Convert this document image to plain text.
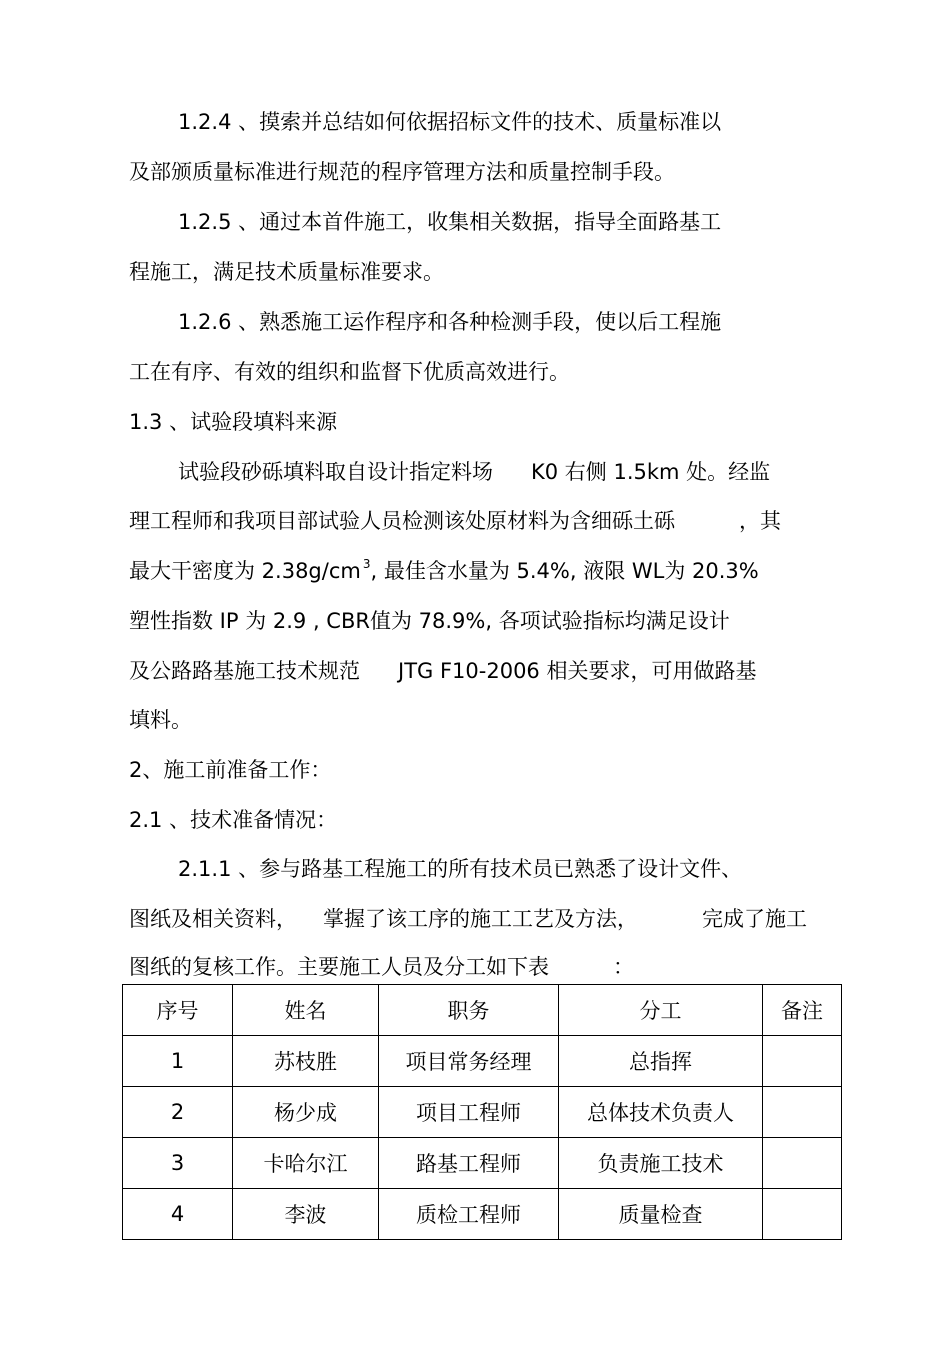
1.2.4 、摸索并总结如何依据招标文件的技术、质量标准以
及部颁质量标准进行规范的程序管理方法和质量控制手段。
1.2.5 、通过本首件施工，收集相关数据，指导全面路基工
程施工，满足技术质量标准要求。
1.2.6 、熟悉施工运作程序和各种检测手段，使以后工程施
工在有序、有效的组织和监督下优质高效进行。
1.3 、试验段填料来源
试验段砂砾填料取自设计指定料场 K0 右侧 1.5km 处。经监
理工程师和我项目部试验人员检测该处原材料为含细砾土砾	，其
最大干密度为 2.38g/cm $^3$, 最佳含水量为 5.4%, 液限 WL为 20.3%
塑性指数 IP 为 2.9 , CBR值为 78.9%, 各项试验指标均满足设计
及公路路基施工技术规范 JTG F10-2006 相关要求，可用做路基
填料。
2、施工前准备工作：
2.1 、技术准备情况：
2.1.1 、参与路基工程施工的所有技术员已熟悉了设计文件、
图纸及相关资料， 掌握了该工序的施工工艺及方法，	完成了施工
图纸的复核工作。主要施工人员及分工如下表	：
序号	姓名	职务	分工	备注
1	苏枝胜	项目常务经理	总指挥	
2	杨少成	项目工程师	总体技术负责人	
3	卡哈尔江	路基工程师	负责施工技术	
4	李波	质检工程师	质量检查	
